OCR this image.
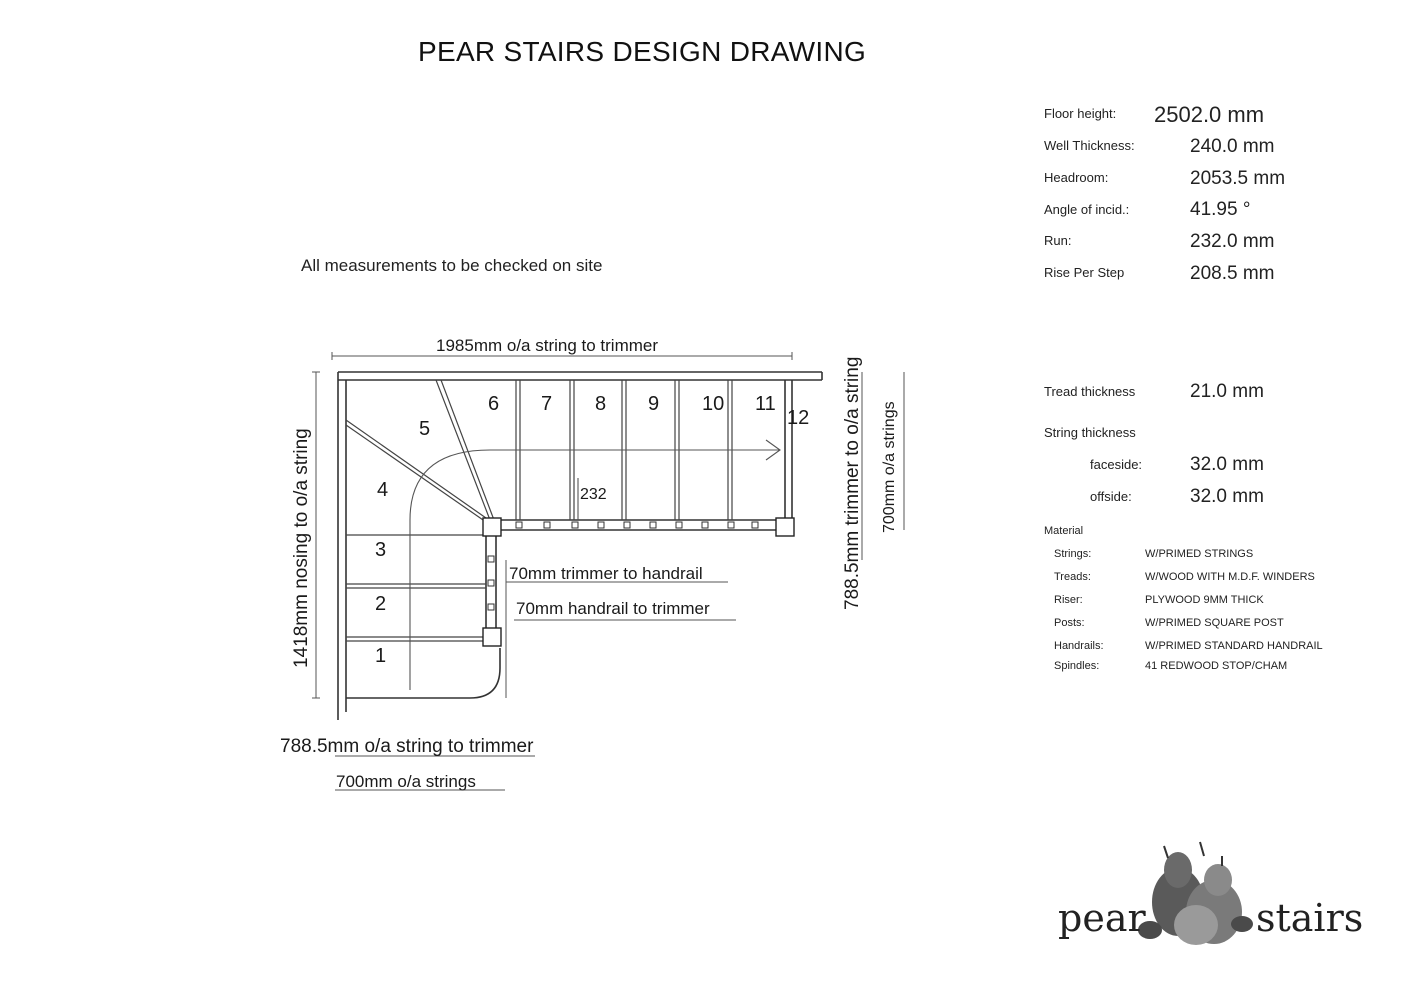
PEAR STAIRS DESIGN DRAWING
All measurements to be checked on site
Floor height: 2502.0 mm
Well Thickness:	240.0 mm
Headroom:	2053.5 mm
Angle of incid.:	41.95 °
Run:	232.0 mm
Rise Per Step	208.5 mm
Tread thickness	21.0 mm
String thickness
faceside:	32.0 mm
offside:	32.0 mm
Material
Strings:	W/PRIMED STRINGS
Treads:	W/WOOD WITH M.D.F. WINDERS
Riser:	PLYWOOD 9MM THICK
Posts:	W/PRIMED SQUARE POST
Handrails:	W/PRIMED STANDARD HANDRAIL
Spindles:	41 REDWOOD STOP/CHAM
1
2
3
4
5
6 7 8 9 10 11
12
232
1985mm o/a string to trimmer
1418mm nosing to o/a string	788.5mm trimmer to o/a string 700mm o/a strings
70mm trimmer to handrail
70mm handrail to trimmer
788.5mm o/a string to trimmer
700mm o/a strings
pear	stairs
